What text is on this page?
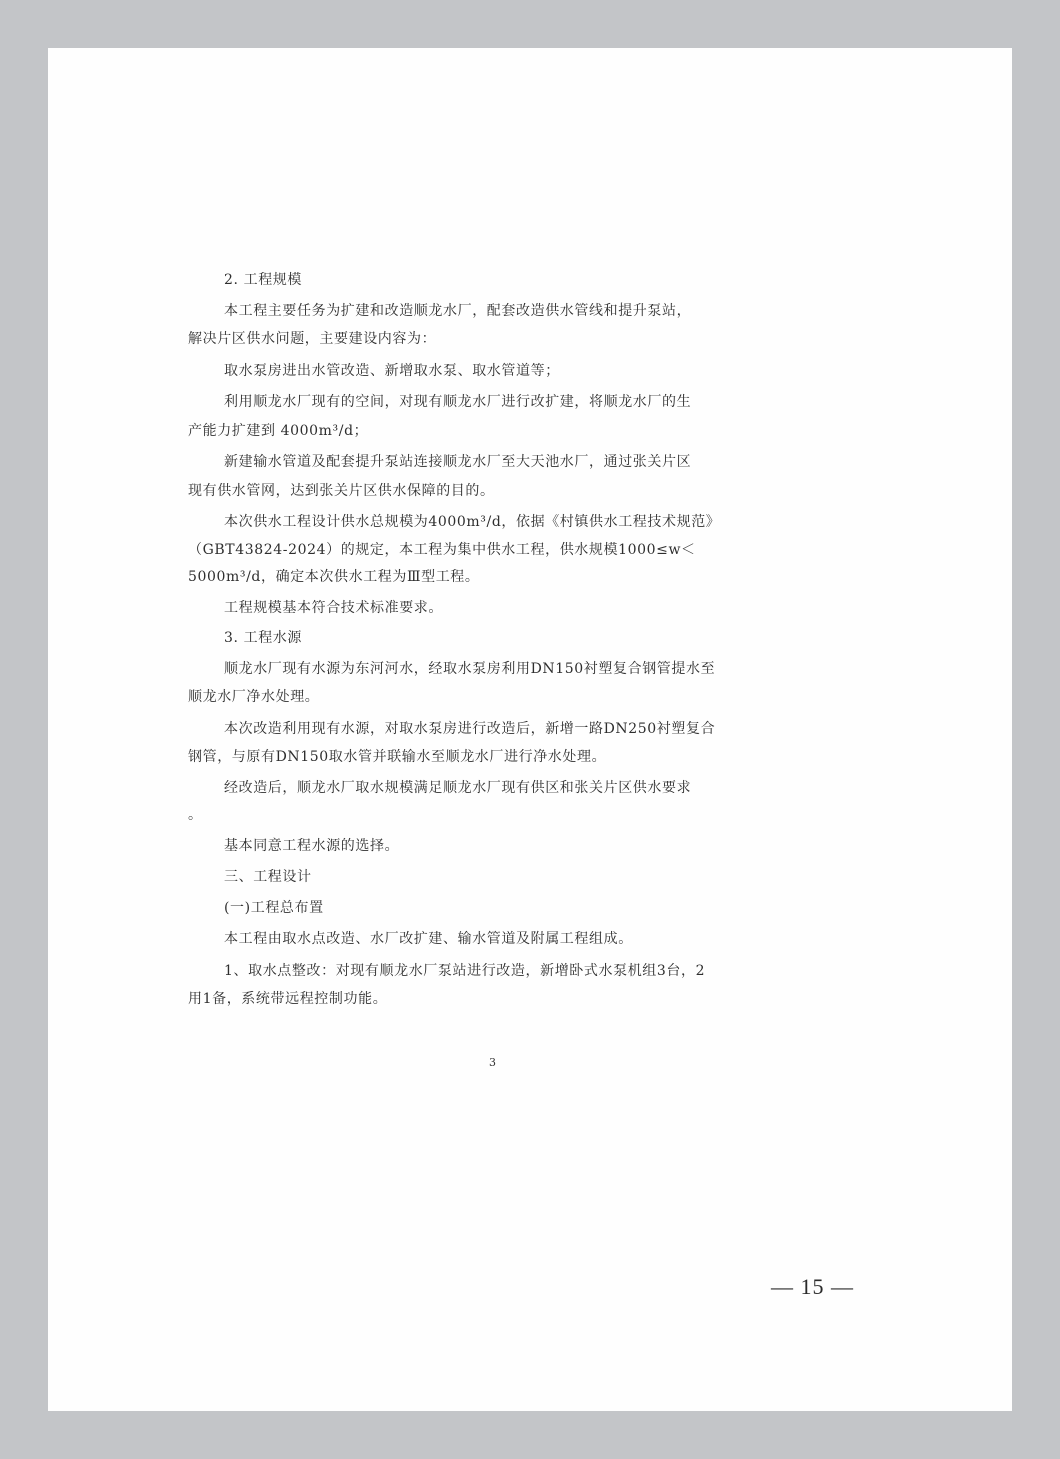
2. 工程规模
本工程主要任务为扩建和改造顺龙水厂，配套改造供水管线和提升泵站，
解决片区供水问题，主要建设内容为：
取水泵房进出水管改造、新增取水泵、取水管道等；
利用顺龙水厂现有的空间，对现有顺龙水厂进行改扩建，将顺龙水厂的生
产能力扩建到 4000m³/d；
新建输水管道及配套提升泵站连接顺龙水厂至大天池水厂，通过张关片区
现有供水管网，达到张关片区供水保障的目的。
本次供水工程设计供水总规模为4000m³/d，依据《村镇供水工程技术规范》
（GBT43824-2024）的规定，本工程为集中供水工程，供水规模1000≤w＜
5000m³/d，确定本次供水工程为Ⅲ型工程。
工程规模基本符合技术标准要求。
3. 工程水源
顺龙水厂现有水源为东河河水，经取水泵房利用DN150衬塑复合钢管提水至
顺龙水厂净水处理。
本次改造利用现有水源，对取水泵房进行改造后，新增一路DN250衬塑复合
钢管，与原有DN150取水管并联输水至顺龙水厂进行净水处理。
经改造后，顺龙水厂取水规模满足顺龙水厂现有供区和张关片区供水要求
。
基本同意工程水源的选择。
三、工程设计
(一)工程总布置
本工程由取水点改造、水厂改扩建、输水管道及附属工程组成。
1、取水点整改：对现有顺龙水厂泵站进行改造，新增卧式水泵机组3台，2
用1备，系统带远程控制功能。
3
— 15 —
